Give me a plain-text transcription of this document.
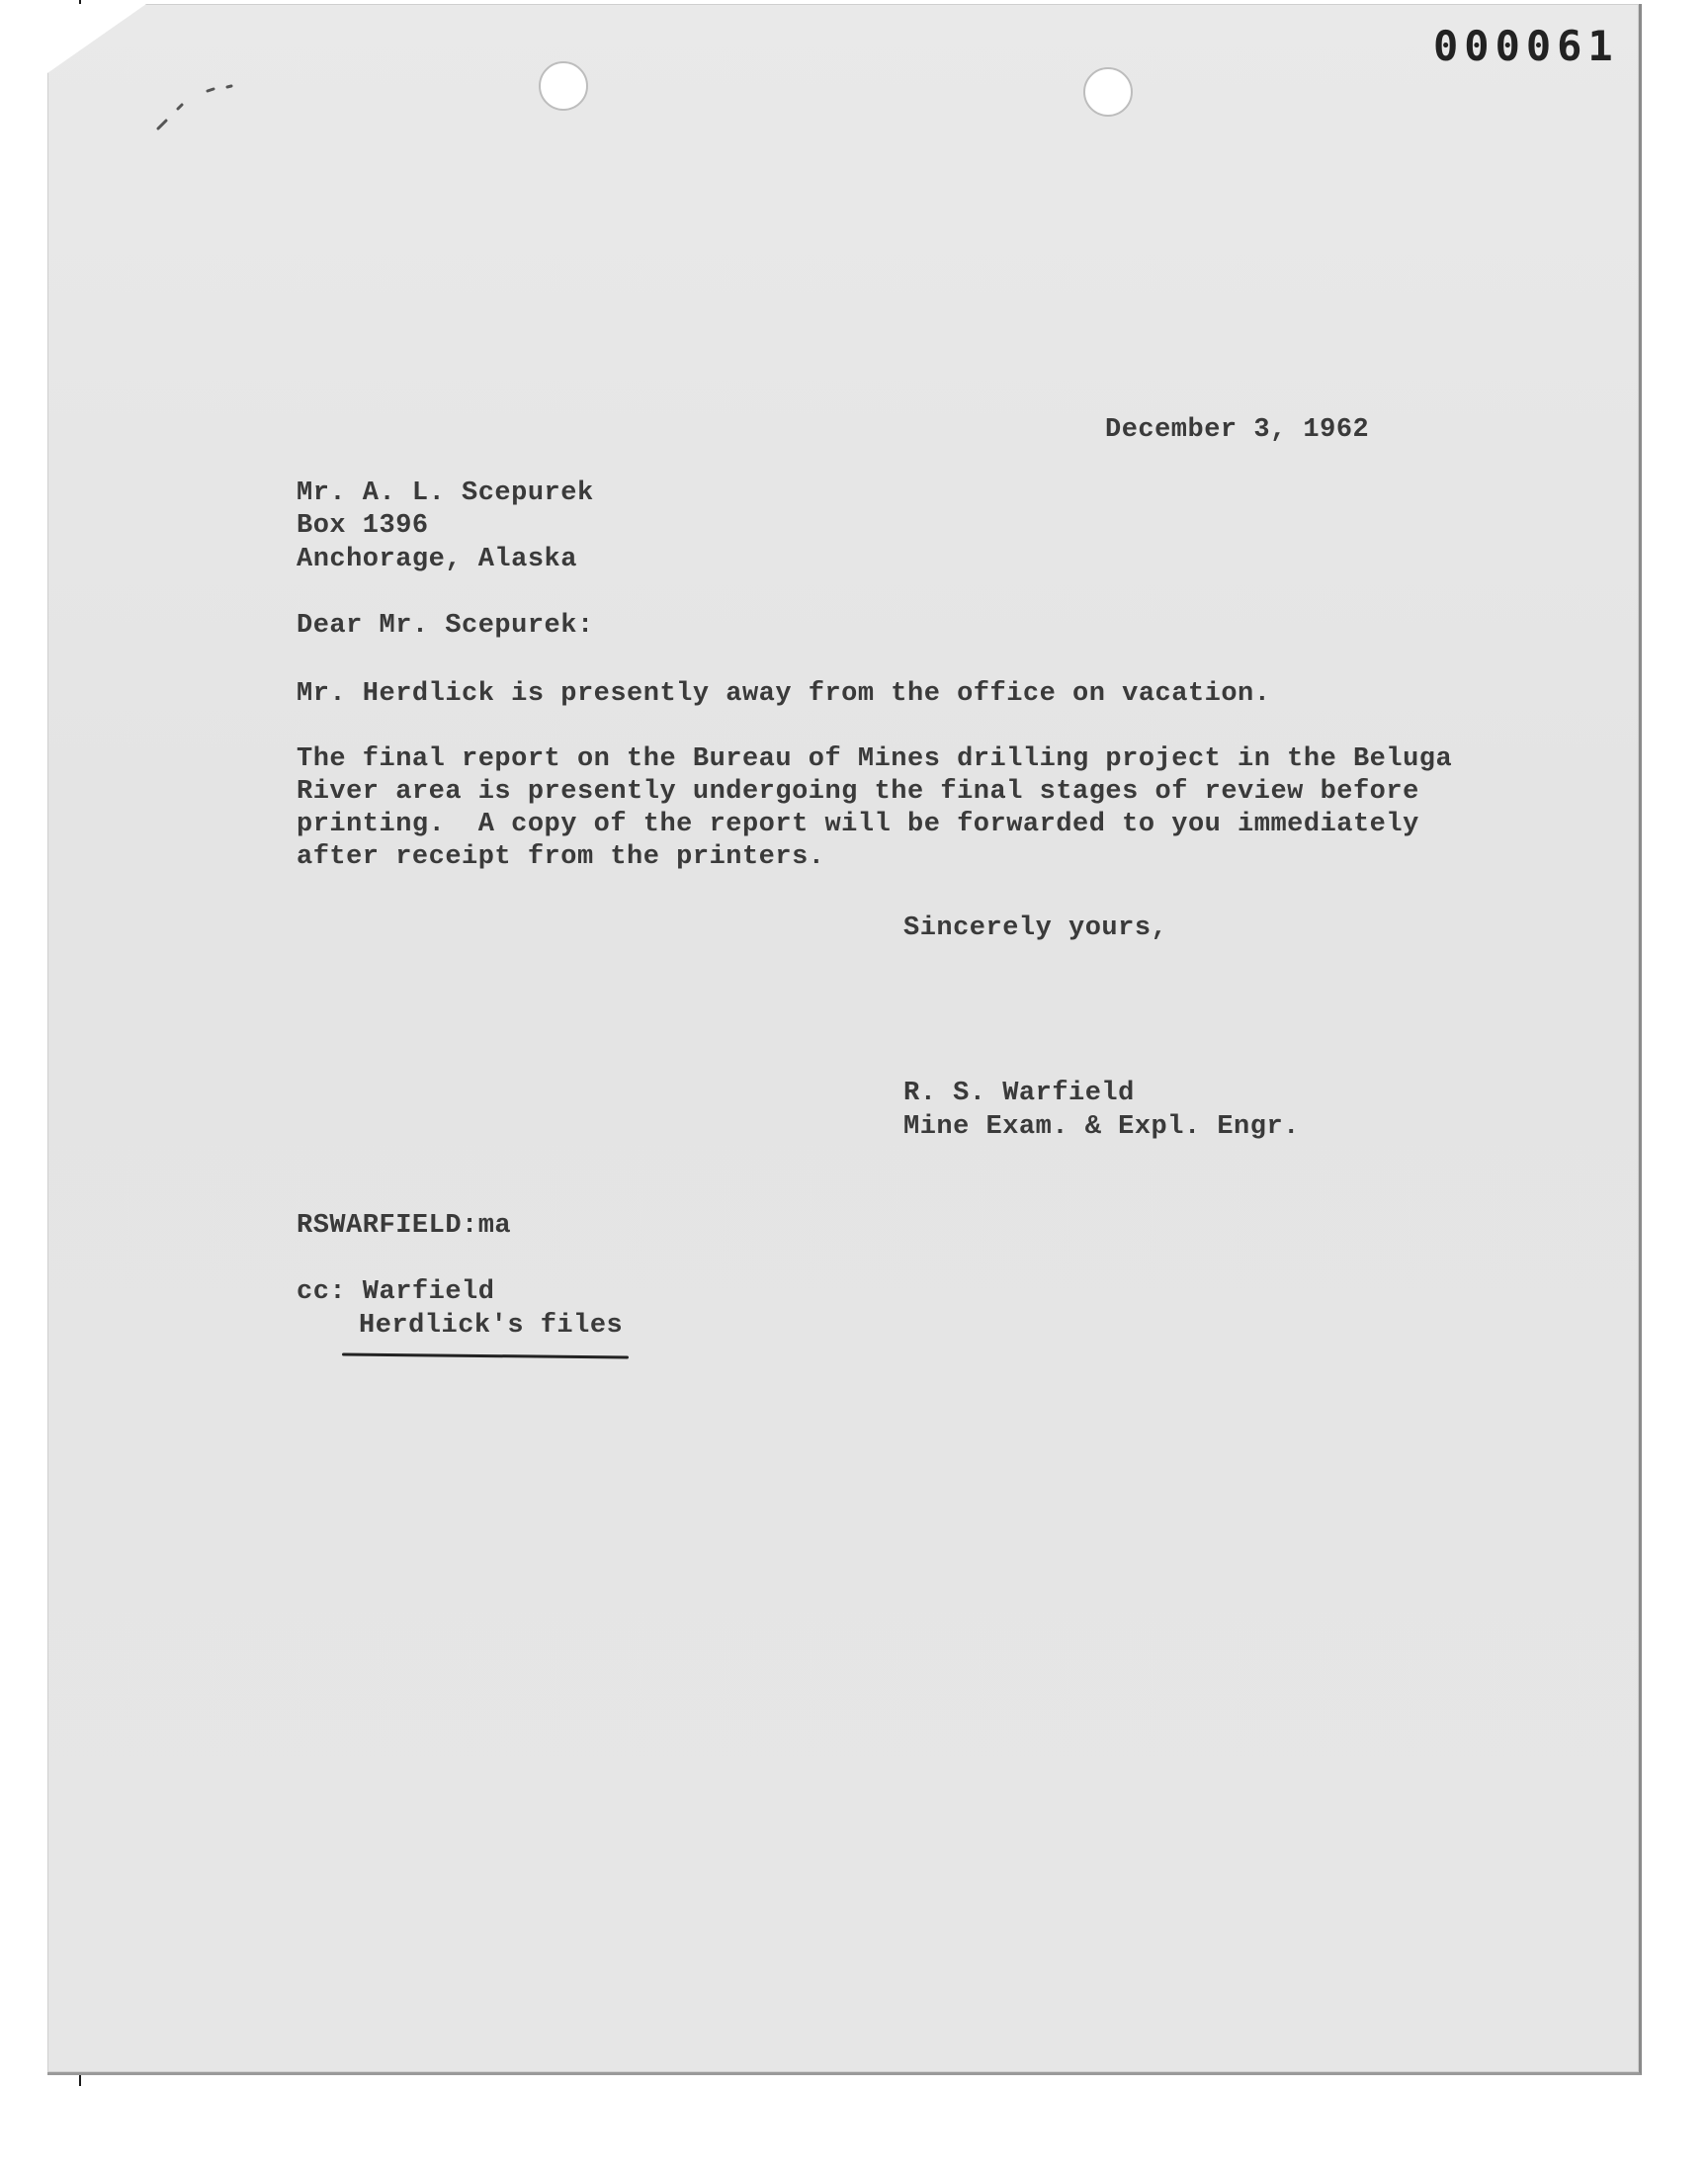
000061
December 3, 1962
Mr. A. L. Scepurek
Box 1396
Anchorage, Alaska
Dear Mr. Scepurek:
Mr. Herdlick is presently away from the office on vacation.
The final report on the Bureau of Mines drilling project in the Beluga
River area is presently undergoing the final stages of review before
printing.  A copy of the report will be forwarded to you immediately
after receipt from the printers.
Sincerely yours,
R. S. Warfield
Mine Exam. & Expl. Engr.
RSWARFIELD:ma
cc: Warfield
Herdlick's files
